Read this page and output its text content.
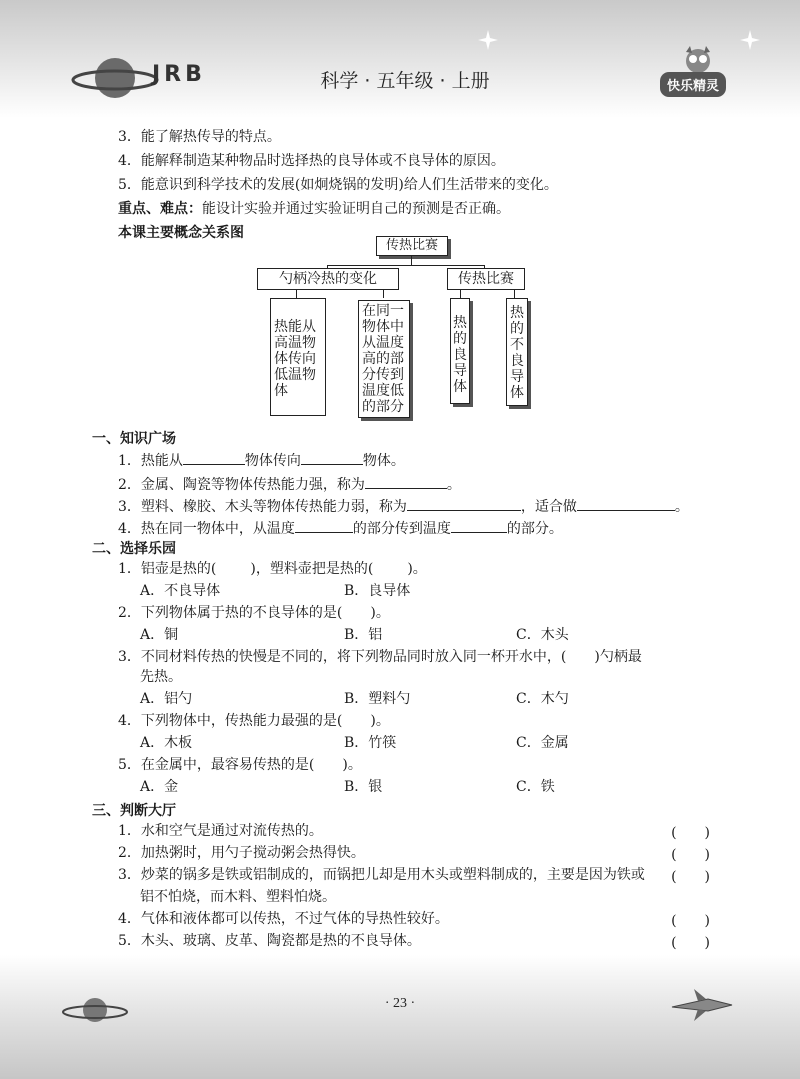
JRB	科学 · 五年级 · 上册	快乐精灵
3．能了解热传导的特点。
4．能解释制造某种物品时选择热的良导体或不良导体的原因。
5．能意识到科学技术的发展(如炯烧锅的发明)给人们生活带来的变化。
重点、难点：能设计实验并通过实验证明自己的预测是否正确。
本课主要概念关系图
传热比赛
勺柄冷热的变化	传热比赛
热能从
高温物
体传向
低温物
体
在同一
物体中
从温度
高的部
分传到
温度低
的部分
热
的
良
导
体
热
的
不
良
导
体
一、知识广场
1．热能从	物体传向	物体。
2．金属、陶瓷等物体传热能力强，称为	。
3．塑料、橡胶、木头等物体传热能力弱，称为	，适合做	。
4．热在同一物体中，从温度	的部分传到温度	的部分。
二、选择乐园
1．铝壶是热的( )，塑料壶把是热的( )。
A．不良导体	B．良导体
2．下列物体属于热的不良导体的是(　　)。
A．铜	B．铝	C．木头
3．不同材料传热的快慢是不同的，将下列物品同时放入同一杯开水中，(　　)勺柄最
先热。
A．铝勺	B．塑料勺	C．木勺
4．下列物体中，传热能力最强的是(　　)。
A．木板	B．竹筷	C．金属
5．在金属中，最容易传热的是(　　)。
A．金	B．银	C．铁
三、判断大厅
1．水和空气是通过对流传热的。	(　　)
2．加热粥时，用勺子搅动粥会热得快。	(　　)
3．炒菜的锅多是铁或铝制成的，而锅把儿却是用木头或塑料制成的，主要是因为铁或 (　　)
铝不怕烧，而木料、塑料怕烧。
4．气体和液体都可以传热，不过气体的导热性较好。	(　　)
5．木头、玻璃、皮革、陶瓷都是热的不良导体。	(　　)
· 23 ·
